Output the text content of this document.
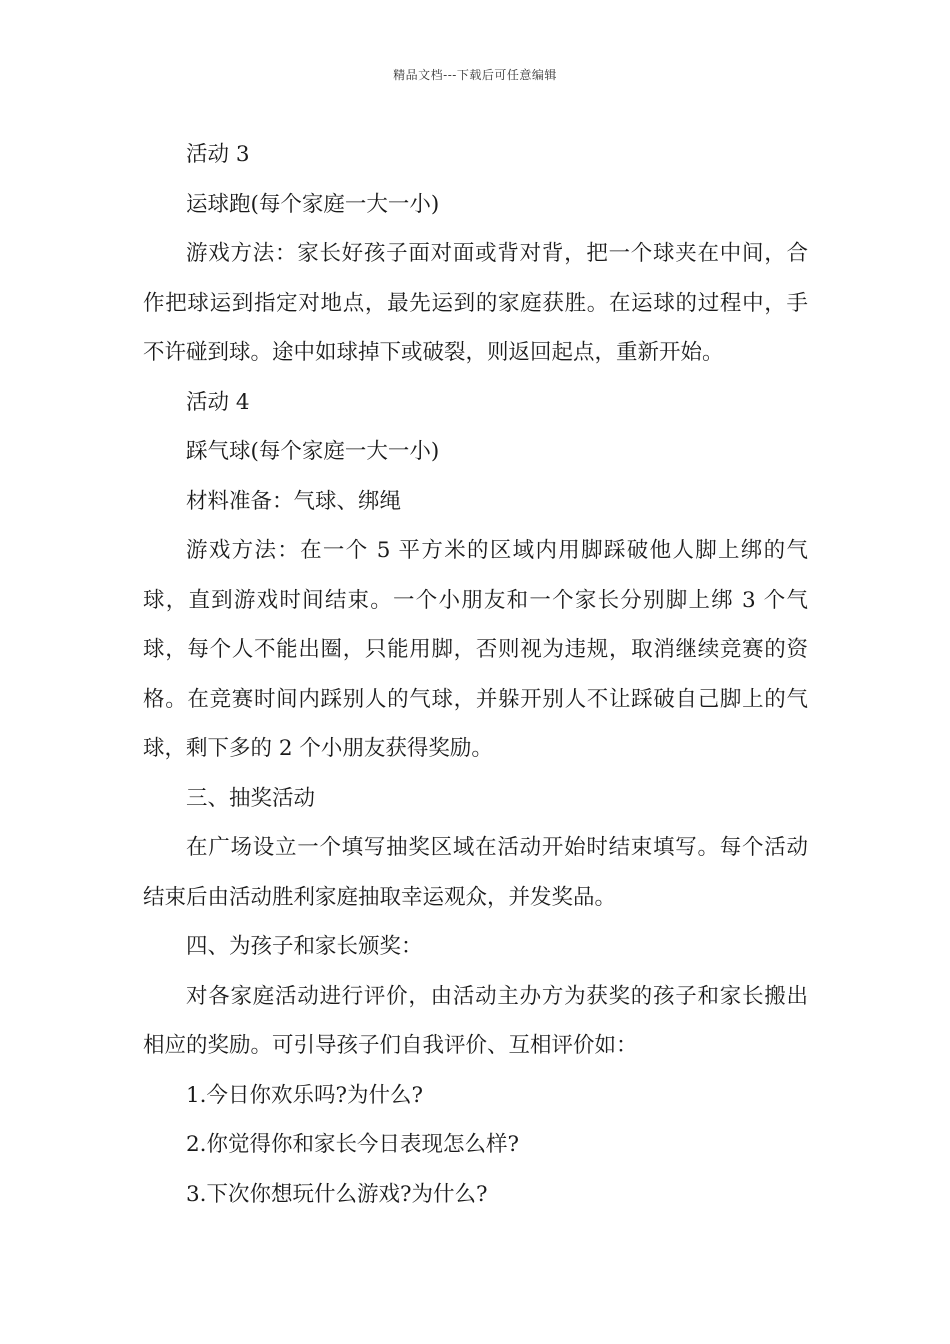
精品文档---下载后可任意编辑

活动 3

运球跑(每个家庭一大一小)

游戏方法：家长好孩子面对面或背对背，把一个球夹在中间，合作把球运到指定对地点，最先运到的家庭获胜。在运球的过程中，手不许碰到球。途中如球掉下或破裂，则返回起点，重新开始。

活动 4

踩气球(每个家庭一大一小)

材料准备：气球、绑绳

游戏方法：在一个 5 平方米的区域内用脚踩破他人脚上绑的气球，直到游戏时间结束。一个小朋友和一个家长分别脚上绑 3 个气球，每个人不能出圈，只能用脚，否则视为违规，取消继续竞赛的资格。在竞赛时间内踩别人的气球，并躲开别人不让踩破自己脚上的气球，剩下多的 2 个小朋友获得奖励。

三、抽奖活动

在广场设立一个填写抽奖区域在活动开始时结束填写。每个活动结束后由活动胜利家庭抽取幸运观众，并发奖品。

四、为孩子和家长颁奖：

对各家庭活动进行评价，由活动主办方为获奖的孩子和家长搬出相应的奖励。可引导孩子们自我评价、互相评价如：

1.今日你欢乐吗?为什么?

2.你觉得你和家长今日表现怎么样?

3.下次你想玩什么游戏?为什么?
